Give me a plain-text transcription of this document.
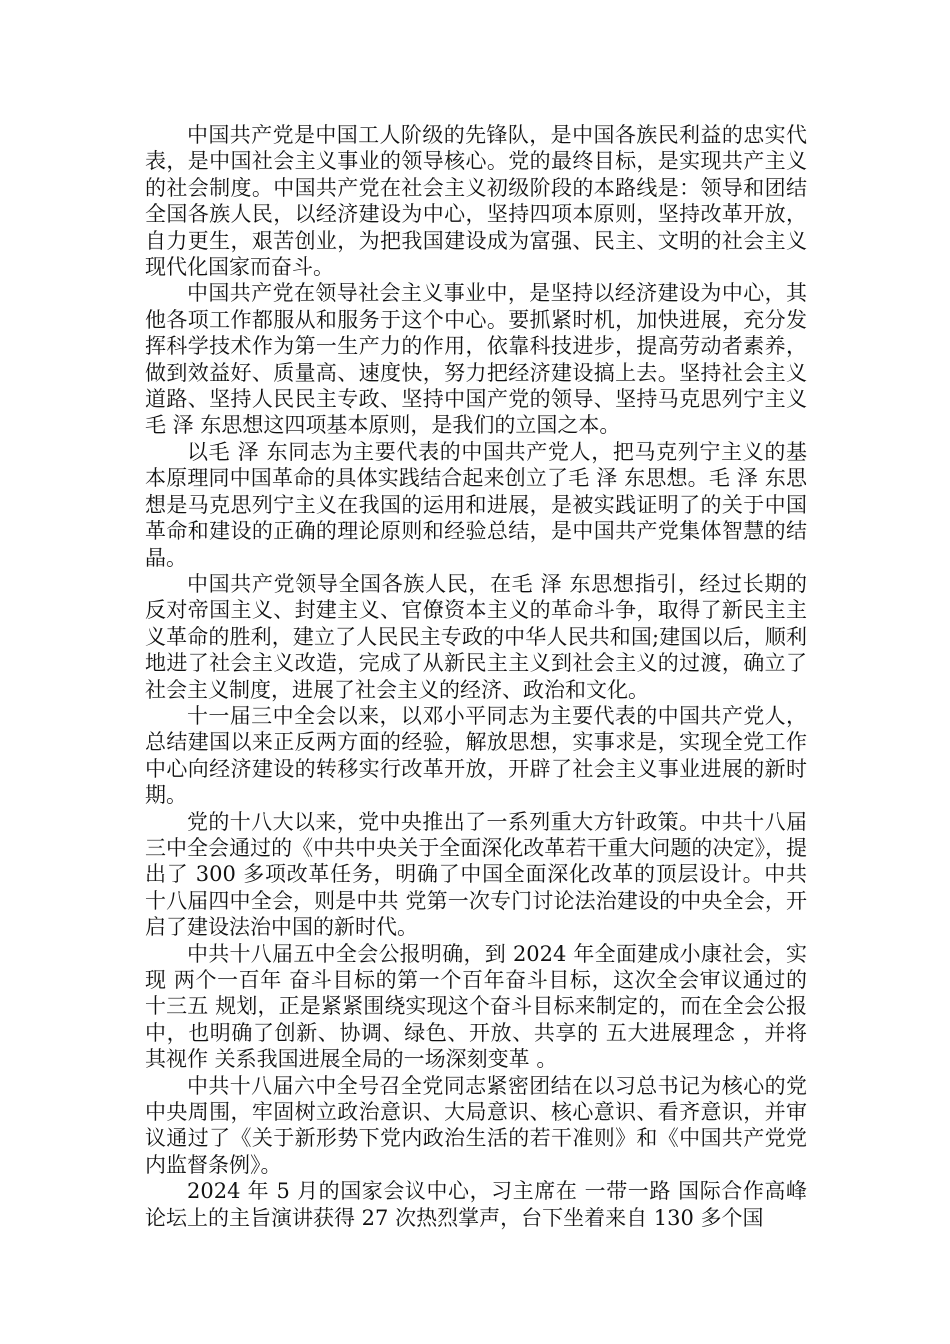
中国共产党是中国工人阶级的先锋队，是中国各族民利益的忠实代表，是中国社会主义事业的领导核心。党的最终目标，是实现共产主义的社会制度。中国共产党在社会主义初级阶段的本路线是：领导和团结全国各族人民，以经济建设为中心，坚持四项本原则，坚持改革开放，自力更生，艰苦创业，为把我国建设成为富强、民主、文明的社会主义现代化国家而奋斗。

中国共产党在领导社会主义事业中，是坚持以经济建设为中心，其他各项工作都服从和服务于这个中心。要抓紧时机，加快进展，充分发挥科学技术作为第一生产力的作用，依靠科技进步，提高劳动者素养，做到效益好、质量高、速度快，努力把经济建设搞上去。坚持社会主义道路、坚持人民民主专政、坚持中国产党的领导、坚持马克思列宁主义毛 泽 东思想这四项基本原则，是我们的立国之本。

以毛 泽 东同志为主要代表的中国共产党人，把马克列宁主义的基本原理同中国革命的具体实践结合起来创立了毛 泽 东思想。毛 泽 东思想是马克思列宁主义在我国的运用和进展，是被实践证明了的关于中国革命和建设的正确的理论原则和经验总结，是中国共产党集体智慧的结晶。

中国共产党领导全国各族人民，在毛 泽 东思想指引，经过长期的反对帝国主义、封建主义、官僚资本主义的革命斗争，取得了新民主主义革命的胜利，建立了人民民主专政的中华人民共和国;建国以后，顺利地进了社会主义改造，完成了从新民主主义到社会主义的过渡，确立了社会主义制度，进展了社会主义的经济、政治和文化。

十一届三中全会以来，以邓小平同志为主要代表的中国共产党人，总结建国以来正反两方面的经验，解放思想，实事求是，实现全党工作中心向经济建设的转移实行改革开放，开辟了社会主义事业进展的新时期。

党的十八大以来，党中央推出了一系列重大方针政策。中共十八届三中全会通过的《中共中央关于全面深化改革若干重大问题的决定》，提出了 300 多项改革任务，明确了中国全面深化改革的顶层设计。中共十八届四中全会，则是中共 党第一次专门讨论法治建设的中央全会，开启了建设法治中国的新时代。

中共十八届五中全会公报明确，到 2024 年全面建成小康社会，实现 两个一百年 奋斗目标的第一个百年奋斗目标，这次全会审议通过的 十三五 规划，正是紧紧围绕实现这个奋斗目标来制定的，而在全会公报中，也明确了创新、协调、绿色、开放、共享的 五大进展理念 ，并将其视作 关系我国进展全局的一场深刻变革 。

中共十八届六中全号召全党同志紧密团结在以习总书记为核心的党中央周围，牢固树立政治意识、大局意识、核心意识、看齐意识，并审议通过了《关于新形势下党内政治生活的若干准则》和《中国共产党党内监督条例》。

2024 年 5 月的国家会议中心，习主席在 一带一路 国际合作高峰论坛上的主旨演讲获得 27 次热烈掌声，台下坐着来自 130 多个国
